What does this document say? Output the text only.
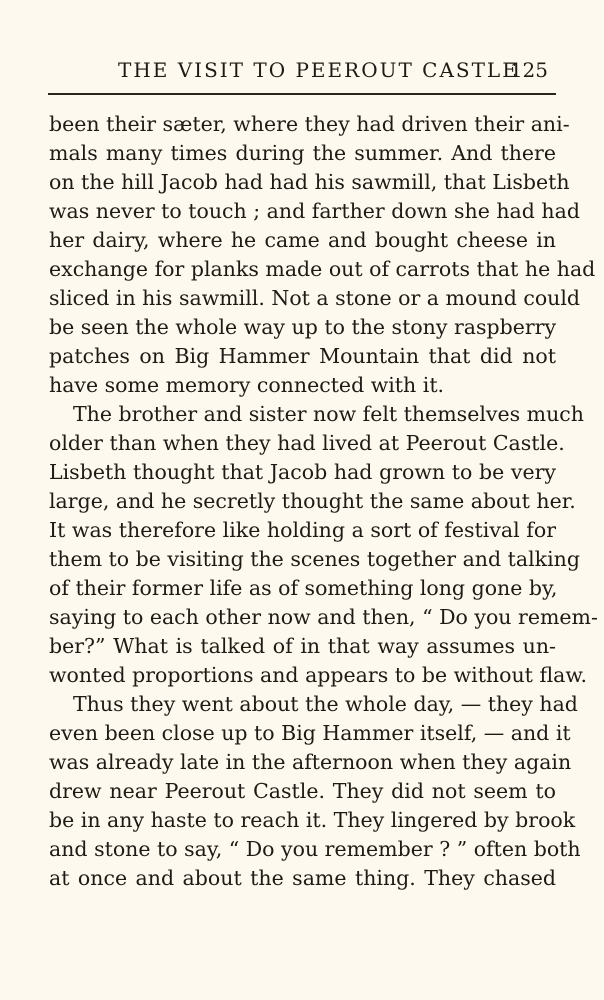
THE VISIT TO PEEROUT CASTLE
125
been their sæter, where they had driven their ani-
mals many times during the summer. And there
on the hill Jacob had had his sawmill, that Lisbeth
was never to touch ; and farther down she had had
her dairy, where he came and bought cheese in
exchange for planks made out of carrots that he had
sliced in his sawmill. Not a stone or a mound could
be seen the whole way up to the stony raspberry
patches on Big Hammer Mountain that did not
have some memory connected with it.
The brother and sister now felt themselves much
older than when they had lived at Peerout Castle.
Lisbeth thought that Jacob had grown to be very
large, and he secretly thought the same about her.
It was therefore like holding a sort of festival for
them to be visiting the scenes together and talking
of their former life as of something long gone by,
saying to each other now and then, “ Do you remem-
ber?” What is talked of in that way assumes un-
wonted proportions and appears to be without flaw.
Thus they went about the whole day, — they had
even been close up to Big Hammer itself, — and it
was already late in the afternoon when they again
drew near Peerout Castle. They did not seem to
be in any haste to reach it. They lingered by brook
and stone to say, “ Do you remember ? ” often both
at once and about the same thing. They chased
